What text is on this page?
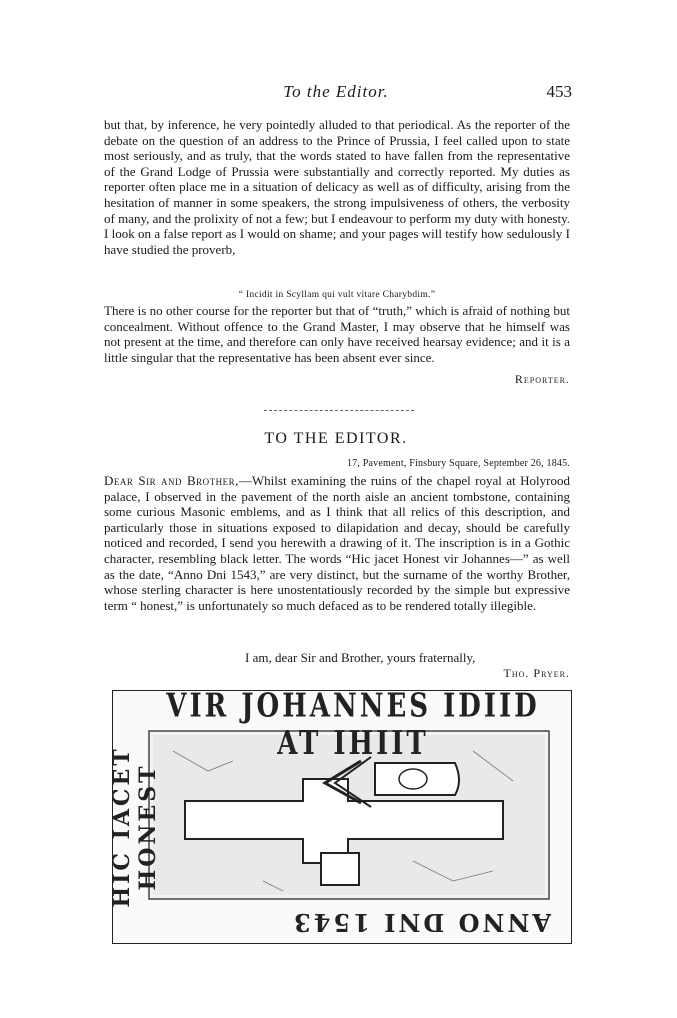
To the Editor.	453

but that, by inference, he very pointedly alluded to that periodical. As the reporter of the debate on the question of an address to the Prince of Prussia, I feel called upon to state most seriously, and as truly, that the words stated to have fallen from the representative of the Grand Lodge of Prussia were substantially and correctly reported. My duties as reporter often place me in a situation of delicacy as well as of difficulty, arising from the hesitation of manner in some speakers, the strong impulsiveness of others, the verbosity of many, and the prolixity of not a few; but I endeavour to perform my duty with honesty. I look on a false report as I would on shame; and your pages will testify how sedulously I have studied the proverb,

“ Incidit in Scyllam qui vult vitare Charybdim.”

There is no other course for the reporter but that of “truth,” which is afraid of nothing but concealment. Without offence to the Grand Master, I may observe that he himself was not present at the time, and therefore can only have received hearsay evidence; and it is a little singular that the representative has been absent ever since.

Reporter.
TO THE EDITOR.
17, Pavement, Finsbury Square, September 26, 1845.

Dear Sir and Brother,—Whilst examining the ruins of the chapel royal at Holyrood palace, I observed in the pavement of the north aisle an ancient tombstone, containing some curious Masonic emblems, and as I think that all relics of this description, and particularly those in situations exposed to dilapidation and decay, should be carefully noticed and recorded, I send you herewith a drawing of it. The inscription is in a Gothic character, resembling black letter. The words “Hic jacet Honest vir Johannes—” as well as the date, “Anno Dni 1543,” are very distinct, but the surname of the worthy Brother, whose sterling character is here unostentatiously recorded by the simple but expressive term “ honest,” is unfortunately so much defaced as to be rendered totally illegible.

I am, dear Sir and Brother, yours fraternally,
Tho. Pryer.
VIR JOHANNES IDIID AT IHIIT
HIC IACET HONEST
ANNO DNI 1543
